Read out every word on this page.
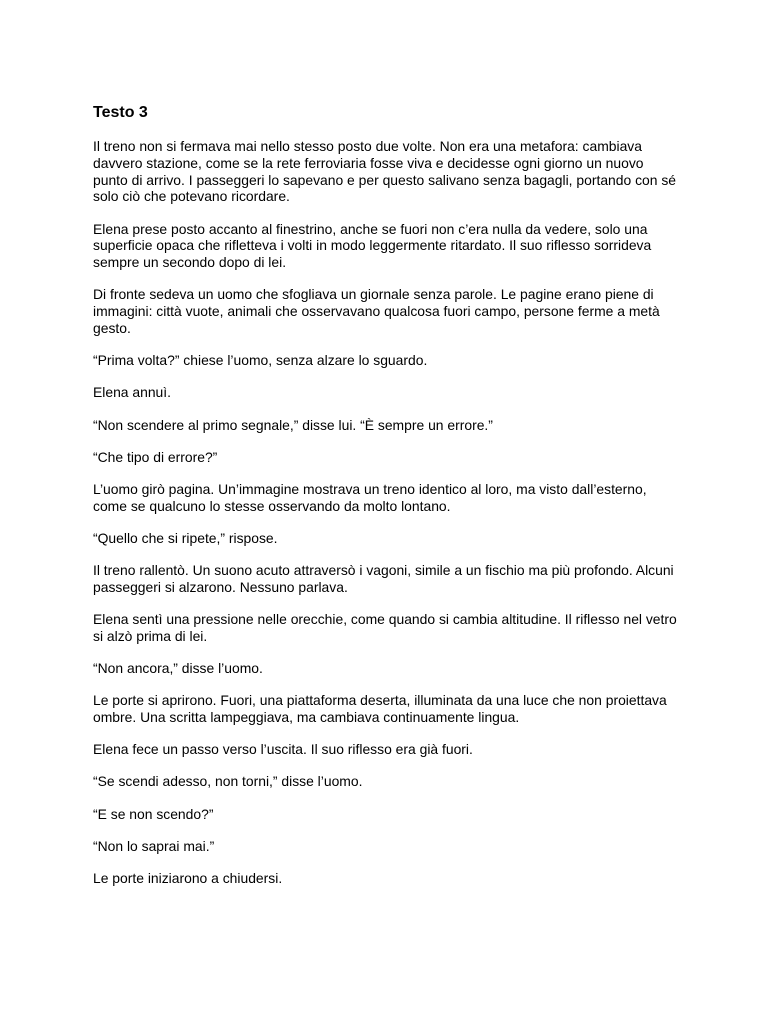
Testo 3

Il treno non si fermava mai nello stesso posto due volte. Non era una metafora: cambiava davvero stazione, come se la rete ferroviaria fosse viva e decidesse ogni giorno un nuovo punto di arrivo. I passeggeri lo sapevano e per questo salivano senza bagagli, portando con sé solo ciò che potevano ricordare.

Elena prese posto accanto al finestrino, anche se fuori non c’era nulla da vedere, solo una superficie opaca che rifletteva i volti in modo leggermente ritardato. Il suo riflesso sorrideva sempre un secondo dopo di lei.

Di fronte sedeva un uomo che sfogliava un giornale senza parole. Le pagine erano piene di immagini: città vuote, animali che osservavano qualcosa fuori campo, persone ferme a metà gesto.

“Prima volta?” chiese l’uomo, senza alzare lo sguardo.

Elena annuì.

“Non scendere al primo segnale,” disse lui. “È sempre un errore.”

“Che tipo di errore?”

L’uomo girò pagina. Un’immagine mostrava un treno identico al loro, ma visto dall’esterno, come se qualcuno lo stesse osservando da molto lontano.

“Quello che si ripete,” rispose.

Il treno rallentò. Un suono acuto attraversò i vagoni, simile a un fischio ma più profondo. Alcuni passeggeri si alzarono. Nessuno parlava.

Elena sentì una pressione nelle orecchie, come quando si cambia altitudine. Il riflesso nel vetro si alzò prima di lei.

“Non ancora,” disse l’uomo.

Le porte si aprirono. Fuori, una piattaforma deserta, illuminata da una luce che non proiettava ombre. Una scritta lampeggiava, ma cambiava continuamente lingua.

Elena fece un passo verso l’uscita. Il suo riflesso era già fuori.

“Se scendi adesso, non torni,” disse l’uomo.

“E se non scendo?”

“Non lo saprai mai.”

Le porte iniziarono a chiudersi.
